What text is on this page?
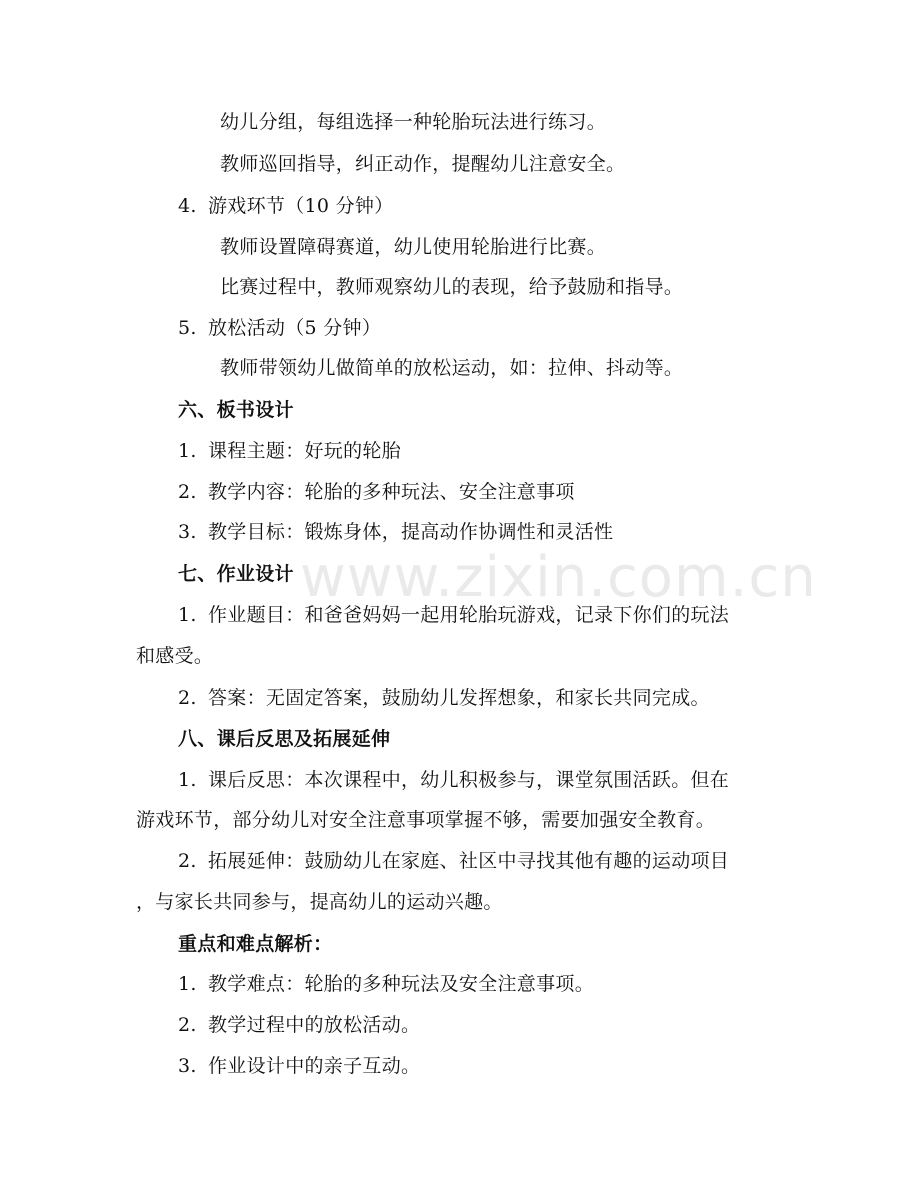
www.zixin.com.cn
幼儿分组，每组选择一种轮胎玩法进行练习。
教师巡回指导，纠正动作，提醒幼儿注意安全。
4. 游戏环节（10 分钟）
教师设置障碍赛道，幼儿使用轮胎进行比赛。
比赛过程中，教师观察幼儿的表现，给予鼓励和指导。
5. 放松活动（5 分钟）
教师带领幼儿做简单的放松运动，如：拉伸、抖动等。
六、板书设计
1. 课程主题：好玩的轮胎
2. 教学内容：轮胎的多种玩法、安全注意事项
3. 教学目标：锻炼身体，提高动作协调性和灵活性
七、作业设计
1. 作业题目：和爸爸妈妈一起用轮胎玩游戏，记录下你们的玩法
和感受。
2. 答案：无固定答案，鼓励幼儿发挥想象，和家长共同完成。
八、课后反思及拓展延伸
1. 课后反思：本次课程中，幼儿积极参与，课堂氛围活跃。但在
游戏环节，部分幼儿对安全注意事项掌握不够，需要加强安全教育。
2. 拓展延伸：鼓励幼儿在家庭、社区中寻找其他有趣的运动项目
，与家长共同参与，提高幼儿的运动兴趣。
重点和难点解析：
1. 教学难点：轮胎的多种玩法及安全注意事项。
2. 教学过程中的放松活动。
3. 作业设计中的亲子互动。
